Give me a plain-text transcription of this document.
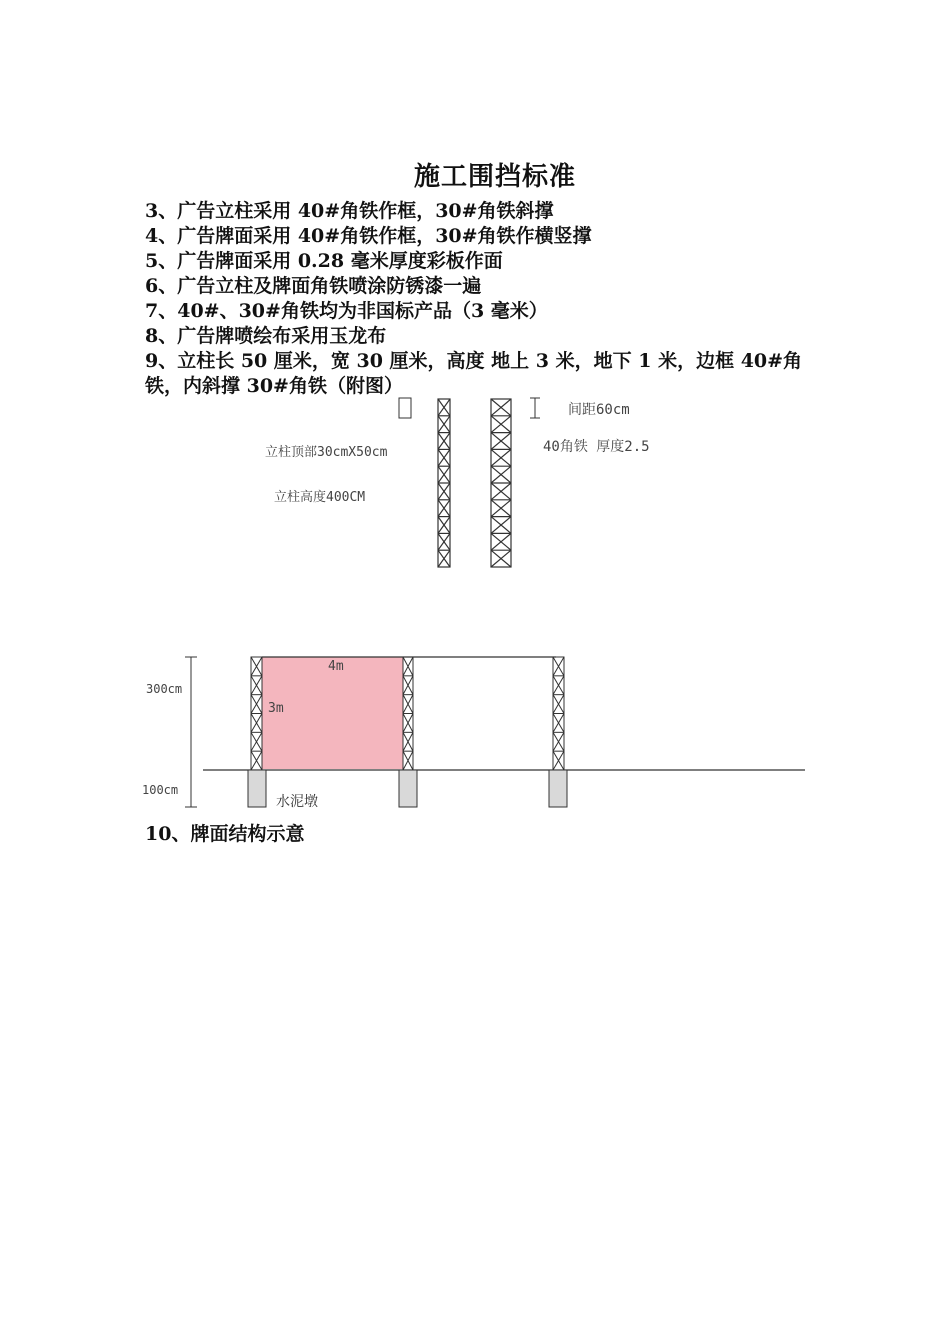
施工围挡标准
3、广告立柱采用 40#角铁作框，30#角铁斜撑
4、广告牌面采用 40#角铁作框，30#角铁作横竖撑
5、广告牌面采用 0.28 毫米厚度彩板作面
6、广告立柱及牌面角铁喷涂防锈漆一遍
7、40#、30#角铁均为非国标产品（3 毫米）
8、广告牌喷绘布采用玉龙布
9、立柱长 50 厘米，宽 30 厘米，高度 地上 3 米，地下 1 米，边框 40#角铁，内斜撑 30#角铁（附图）
间距60cm
立柱顶部30cmX50cm
立柱高度400CM
40角铁 厚度2.5
4m
3m
300cm
100cm
水泥墩
10、牌面结构示意
